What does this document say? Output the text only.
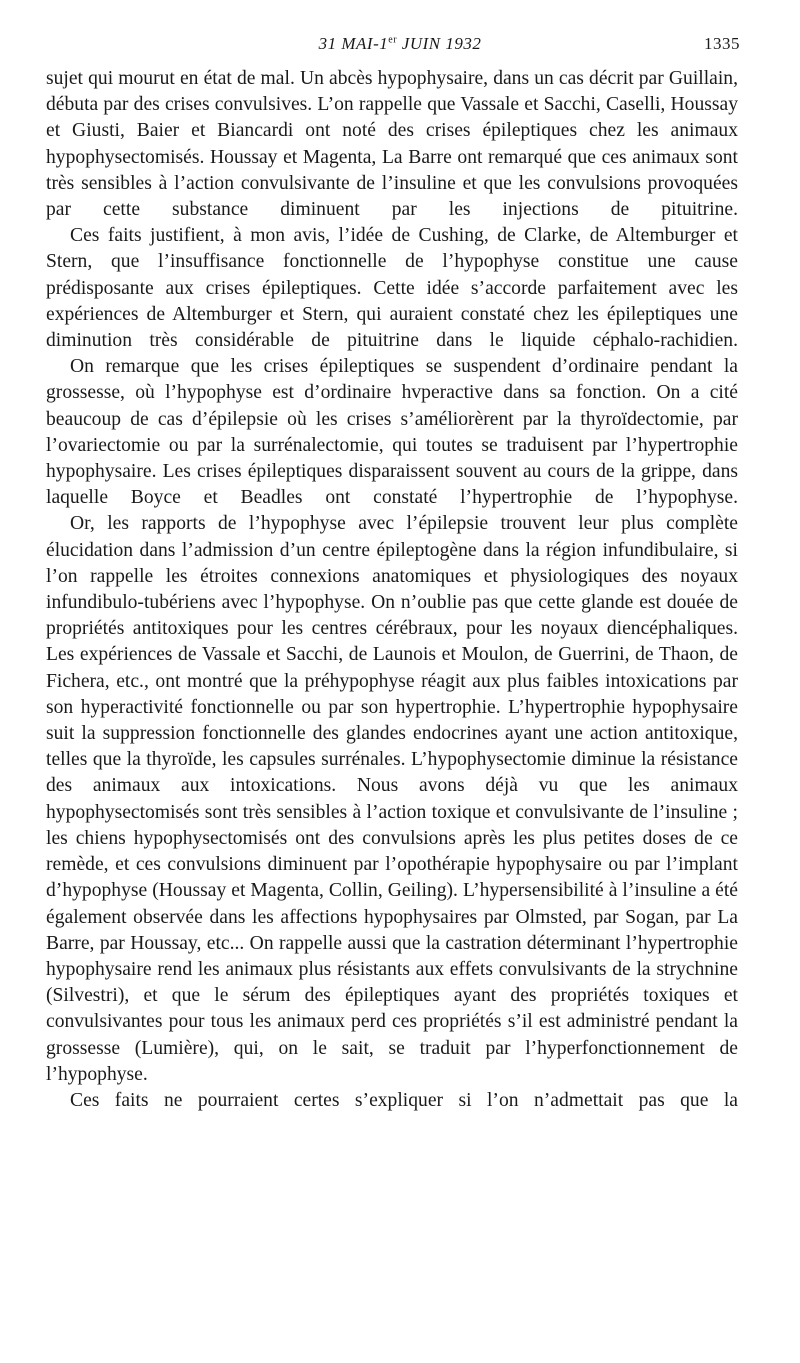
31 MAI-1er JUIN 1932	1335

sujet qui mourut en état de mal. Un abcès hypophysaire, dans un cas décrit par Guillain, débuta par des crises convulsives. L’on rappelle que Vassale et Sacchi, Caselli, Houssay et Giusti, Baier et Biancardi ont noté des crises épileptiques chez les animaux hypophysectomisés. Houssay et Magenta, La Barre ont remarqué que ces animaux sont très sensibles à l’action convulsivante de l’insuline et que les convulsions provoquées par cette substance diminuent par les injections de pituitrine.

Ces faits justifient, à mon avis, l’idée de Cushing, de Clarke, de Altemburger et Stern, que l’insuffisance fonctionnelle de l’hypophyse constitue une cause prédisposante aux crises épileptiques. Cette idée s’accorde parfaitement avec les expériences de Altemburger et Stern, qui auraient constaté chez les épileptiques une diminution très considérable de pituitrine dans le liquide céphalo-rachidien.

On remarque que les crises épileptiques se suspendent d’ordinaire pendant la grossesse, où l’hypophyse est d’ordinaire hvperactive dans sa fonction. On a cité beaucoup de cas d’épilepsie où les crises s’améliorèrent par la thyroïdectomie, par l’ovariectomie ou par la surrénalectomie, qui toutes se traduisent par l’hypertrophie hypophysaire. Les crises épileptiques disparaissent souvent au cours de la grippe, dans laquelle Boyce et Beadles ont constaté l’hypertrophie de l’hypophyse.

Or, les rapports de l’hypophyse avec l’épilepsie trouvent leur plus complète élucidation dans l’admission d’un centre épileptogène dans la région infundibulaire, si l’on rappelle les étroites connexions anatomiques et physiologiques des noyaux infundibulo-tubériens avec l’hypophyse. On n’oublie pas que cette glande est douée de propriétés antitoxiques pour les centres cérébraux, pour les noyaux diencéphaliques. Les expériences de Vassale et Sacchi, de Launois et Moulon, de Guerrini, de Thaon, de Fichera, etc., ont montré que la préhypophyse réagit aux plus faibles intoxications par son hyperactivité fonctionnelle ou par son hypertrophie. L’hypertrophie hypophysaire suit la suppression fonctionnelle des glandes endocrines ayant une action antitoxique, telles que la thyroïde, les capsules surrénales. L’hypophysectomie diminue la résistance des animaux aux intoxications. Nous avons déjà vu que les animaux hypophysectomisés sont très sensibles à l’action toxique et convulsivante de l’insuline ; les chiens hypophysectomisés ont des convulsions après les plus petites doses de ce remède, et ces convulsions diminuent par l’opothérapie hypophysaire ou par l’implant d’hypophyse (Houssay et Magenta, Collin, Geiling). L’hypersensibilité à l’insuline a été également observée dans les affections hypophysaires par Olmsted, par Sogan, par La Barre, par Houssay, etc... On rappelle aussi que la castration déterminant l’hypertrophie hypophysaire rend les animaux plus résistants aux effets convulsivants de la strychnine (Silvestri), et que le sérum des épileptiques ayant des propriétés toxiques et convulsivantes pour tous les animaux perd ces propriétés s’il est administré pendant la grossesse (Lumière), qui, on le sait, se traduit par l’hyperfonctionnement de l’hypophyse.

Ces faits ne pourraient certes s’expliquer si l’on n’admettait pas que la
